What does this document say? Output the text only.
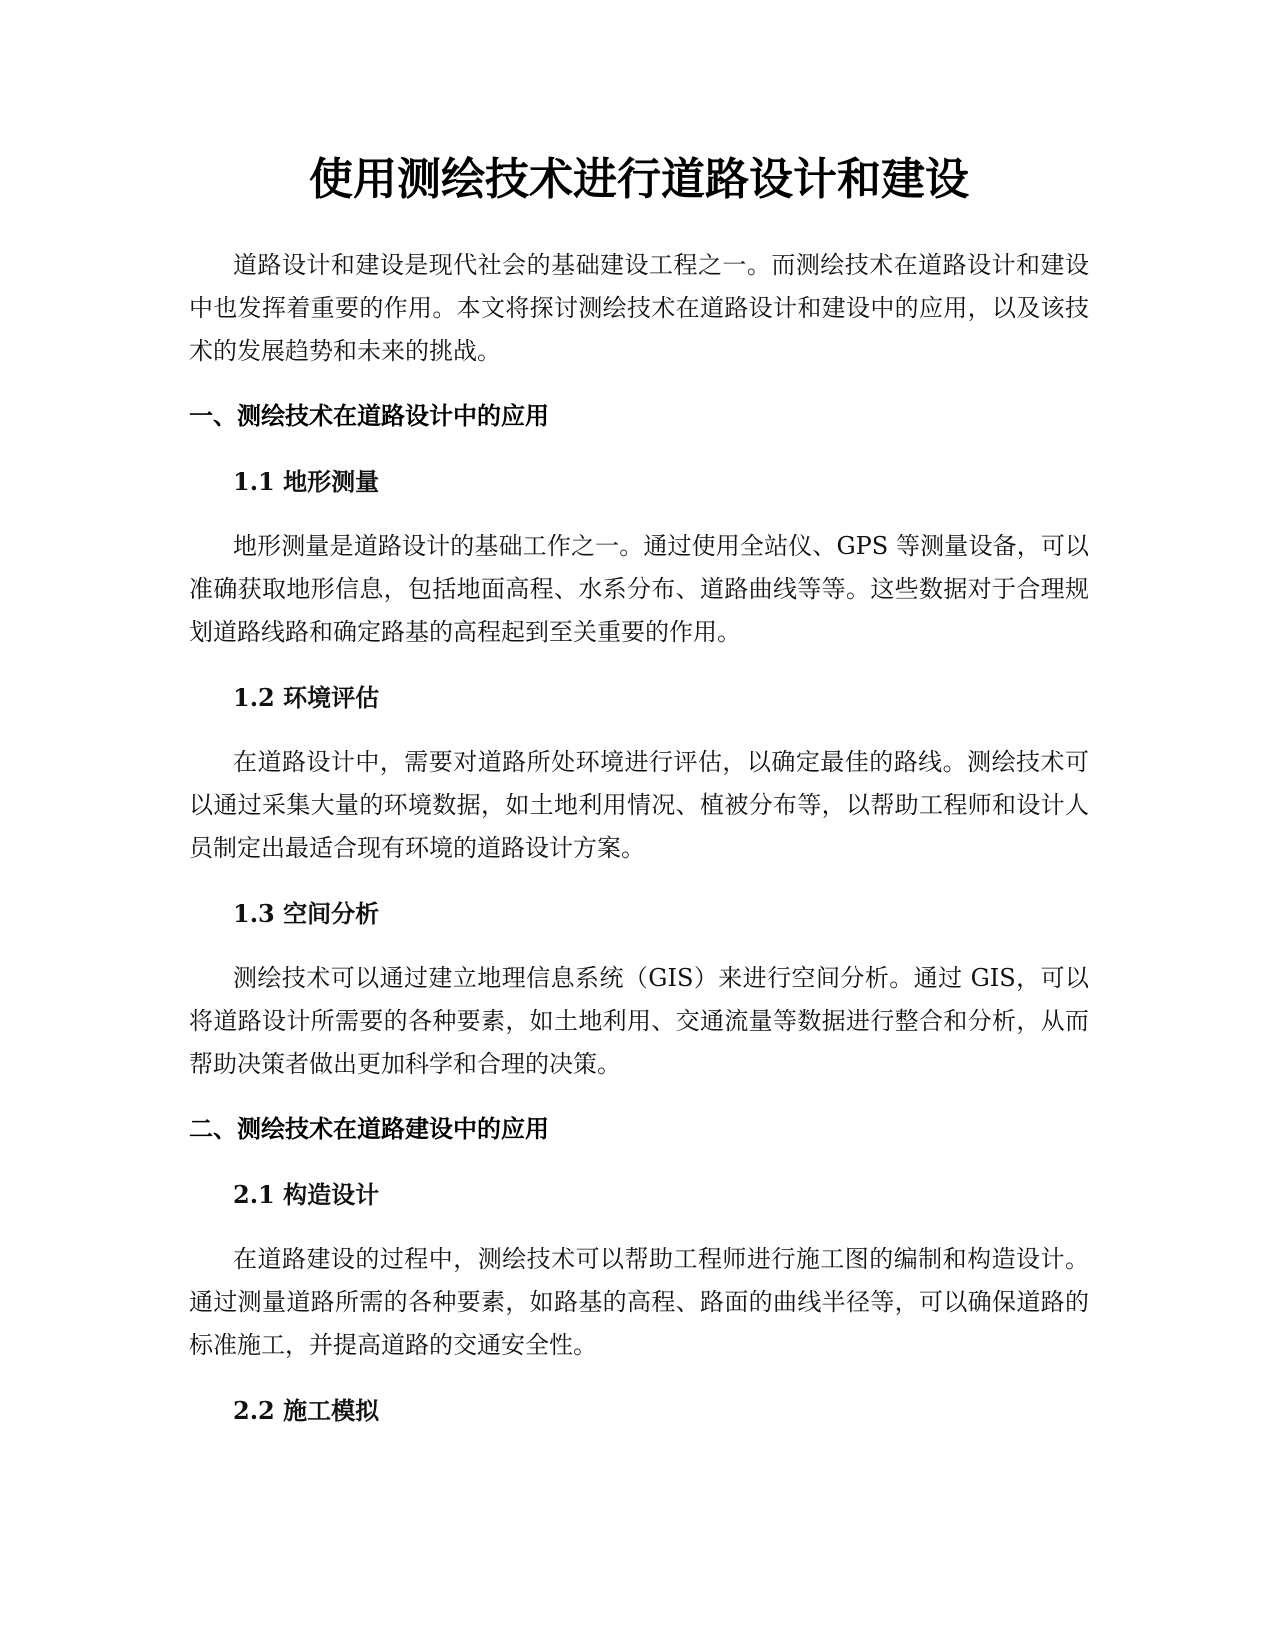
使用测绘技术进行道路设计和建设

道路设计和建设是现代社会的基础建设工程之一。而测绘技术在道路设计和建设中也发挥着重要的作用。本文将探讨测绘技术在道路设计和建设中的应用，以及该技术的发展趋势和未来的挑战。

一、测绘技术在道路设计中的应用
1.1 地形测量

地形测量是道路设计的基础工作之一。通过使用全站仪、GPS 等测量设备，可以准确获取地形信息，包括地面高程、水系分布、道路曲线等等。这些数据对于合理规划道路线路和确定路基的高程起到至关重要的作用。

1.2 环境评估

在道路设计中，需要对道路所处环境进行评估，以确定最佳的路线。测绘技术可以通过采集大量的环境数据，如土地利用情况、植被分布等，以帮助工程师和设计人员制定出最适合现有环境的道路设计方案。

1.3 空间分析

测绘技术可以通过建立地理信息系统（GIS）来进行空间分析。通过 GIS，可以将道路设计所需要的各种要素，如土地利用、交通流量等数据进行整合和分析，从而帮助决策者做出更加科学和合理的决策。

二、测绘技术在道路建设中的应用
2.1 构造设计

在道路建设的过程中，测绘技术可以帮助工程师进行施工图的编制和构造设计。通过测量道路所需的各种要素，如路基的高程、路面的曲线半径等，可以确保道路的标准施工，并提高道路的交通安全性。

2.2 施工模拟
